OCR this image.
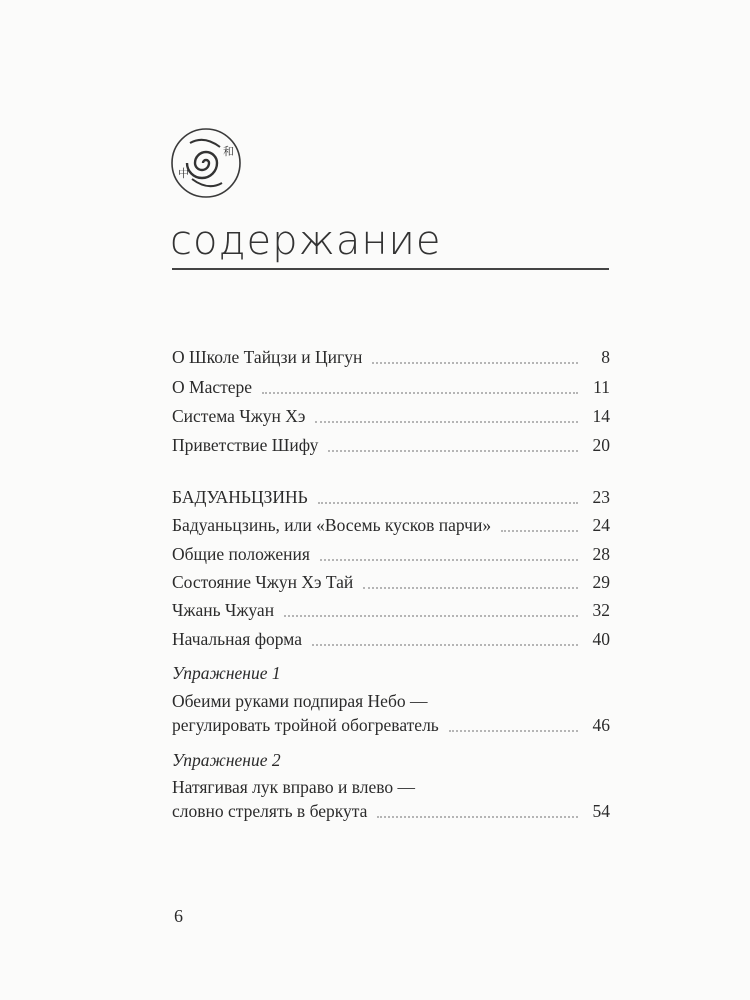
中
和
содержание
О Школе Тайцзи и Цигун	8
О Мастере	11
Система Чжун Хэ	14
Приветствие Шифу	20
БАДУАНЬЦЗИНЬ	23
Бадуаньцзинь, или «Восемь кусков парчи»	24
Общие положения	28
Состояние Чжун Хэ Тай	29
Чжань Чжуан	32
Начальная форма	40
Упражнение 1
Обеими руками подпирая Небо —
регулировать тройной обогреватель	46
Упражнение 2
Натягивая лук вправо и влево —
словно стрелять в беркута	54
6
